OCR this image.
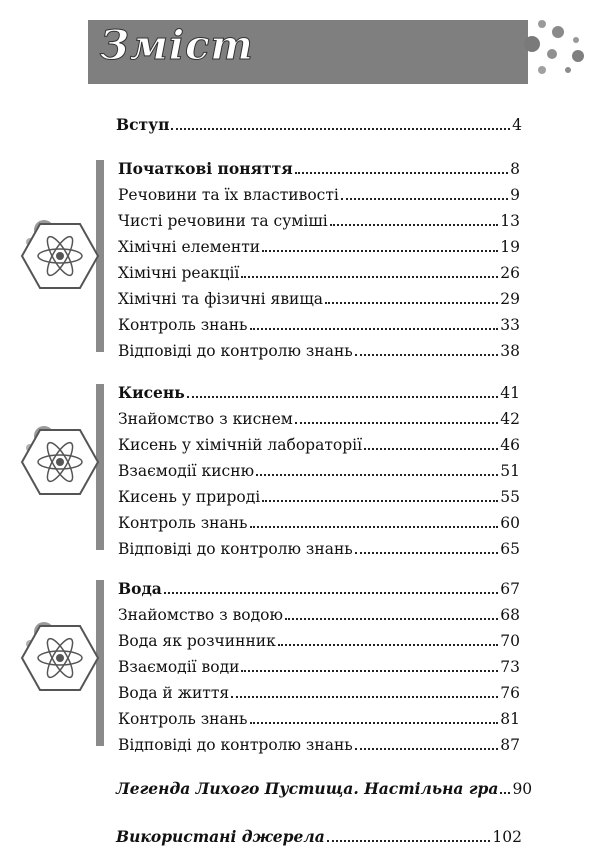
Зміст
Вступ	4
Початкові поняття	8
Речовини та їх властивості	9
Чисті речовини та суміші	13
Хімічні елементи	19
Хімічні реакції	26
Хімічні та фізичні явища	29
Контроль знань	33
Відповіді до контролю знань	38
Кисень	41
Знайомство з киснем	42
Кисень у хімічній лабораторії	46
Взаємодії кисню	51
Кисень у природі	55
Контроль знань	60
Відповіді до контролю знань	65
Вода	67
Знайомство з водою	68
Вода як розчинник	70
Взаємодії води	73
Вода й життя	76
Контроль знань	81
Відповіді до контролю знань	87
Легенда Лихого Пустища. Настільна гра 90
Використані джерела	102
